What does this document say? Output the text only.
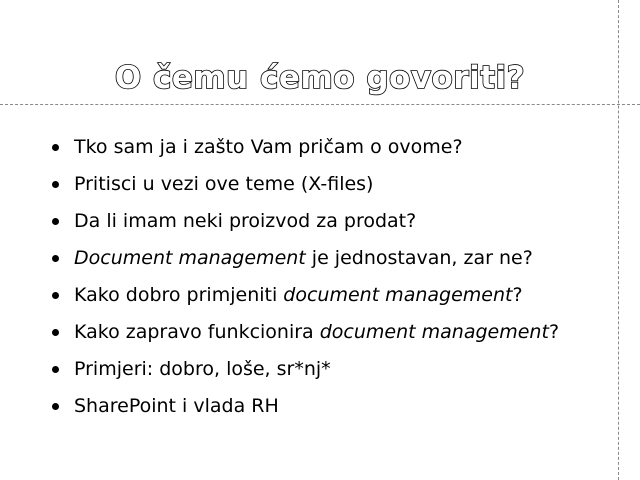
O čemu ćemo govoriti?
Tko sam ja i zašto Vam pričam o ovome?
Pritisci u vezi ove teme (X-files)
Da li imam neki proizvod za prodat?
Document management je jednostavan, zar ne?
Kako dobro primjeniti document management?
Kako zapravo funkcionira document management?
Primjeri: dobro, loše, sr*nj*
SharePoint i vlada RH
